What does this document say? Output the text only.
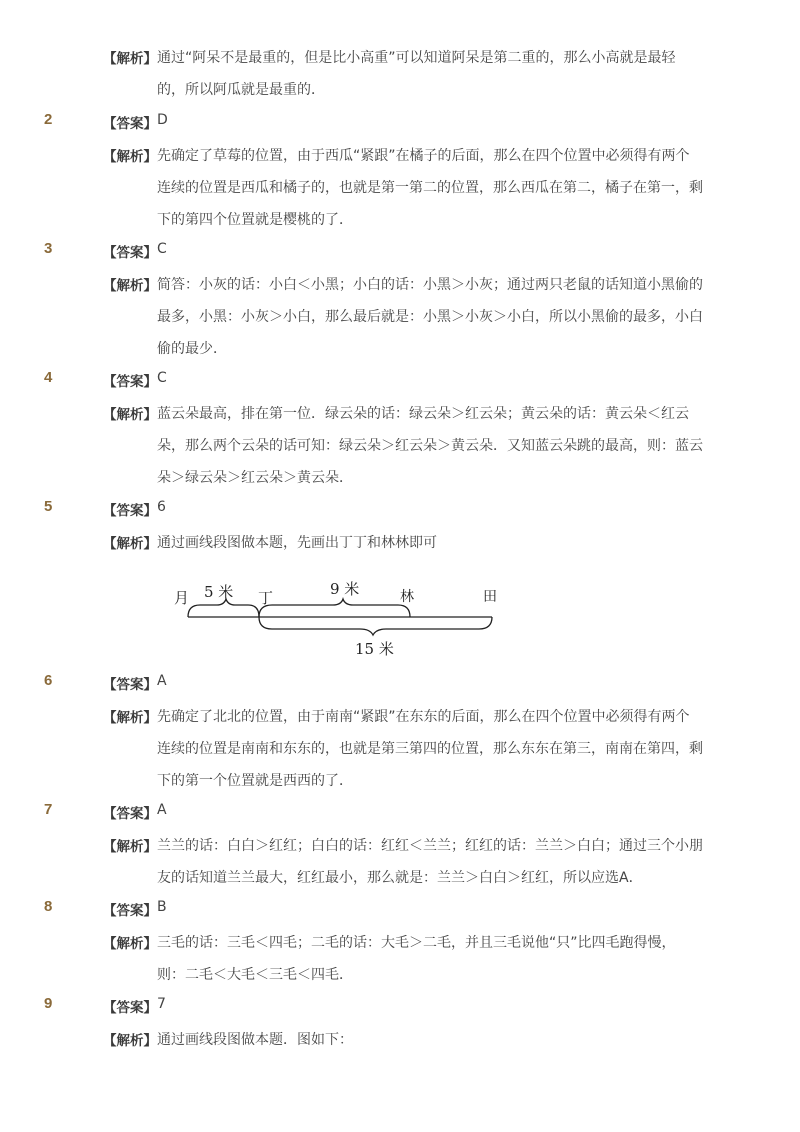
【解析】 通过“阿呆不是最重的，但是比小高重”可以知道阿呆是第二重的，那么小高就是最轻
的，所以阿瓜就是最重的．
2	【答案】 D
【解析】 先确定了草莓的位置，由于西瓜“紧跟”在橘子的后面，那么在四个位置中必须得有两个
连续的位置是西瓜和橘子的，也就是第一第二的位置，那么西瓜在第二，橘子在第一，剩
下的第四个位置就是樱桃的了．
3	【答案】 C
【解析】 简答：小灰的话：小白＜小黑；小白的话：小黑＞小灰；通过两只老鼠的话知道小黑偷的
最多，小黑：小灰＞小白，那么最后就是：小黑＞小灰＞小白，所以小黑偷的最多，小白
偷的最少．
4	【答案】 C
【解析】 蓝云朵最高，排在第一位．绿云朵的话：绿云朵＞红云朵；黄云朵的话：黄云朵＜红云
朵，那么两个云朵的话可知：绿云朵＞红云朵＞黄云朵．又知蓝云朵跳的最高，则：蓝云
朵＞绿云朵＞红云朵＞黄云朵．
5	【答案】 6
【解析】 通过画线段图做本题，先画出丁丁和林林即可
月	丁	林	田
5 米	9 米
15 米
6	【答案】 A
【解析】 先确定了北北的位置，由于南南“紧跟”在东东的后面，那么在四个位置中必须得有两个
连续的位置是南南和东东的，也就是第三第四的位置，那么东东在第三，南南在第四，剩
下的第一个位置就是西西的了．
7	【答案】 A
【解析】 兰兰的话：白白＞红红；白白的话：红红＜兰兰；红红的话：兰兰＞白白；通过三个小朋
友的话知道兰兰最大，红红最小，那么就是：兰兰＞白白＞红红，所以应选A．
8	【答案】 B
【解析】 三毛的话：三毛＜四毛；二毛的话：大毛＞二毛，并且三毛说他“只”比四毛跑得慢，
则：二毛＜大毛＜三毛＜四毛．
9	【答案】 7
【解析】 通过画线段图做本题．图如下：
